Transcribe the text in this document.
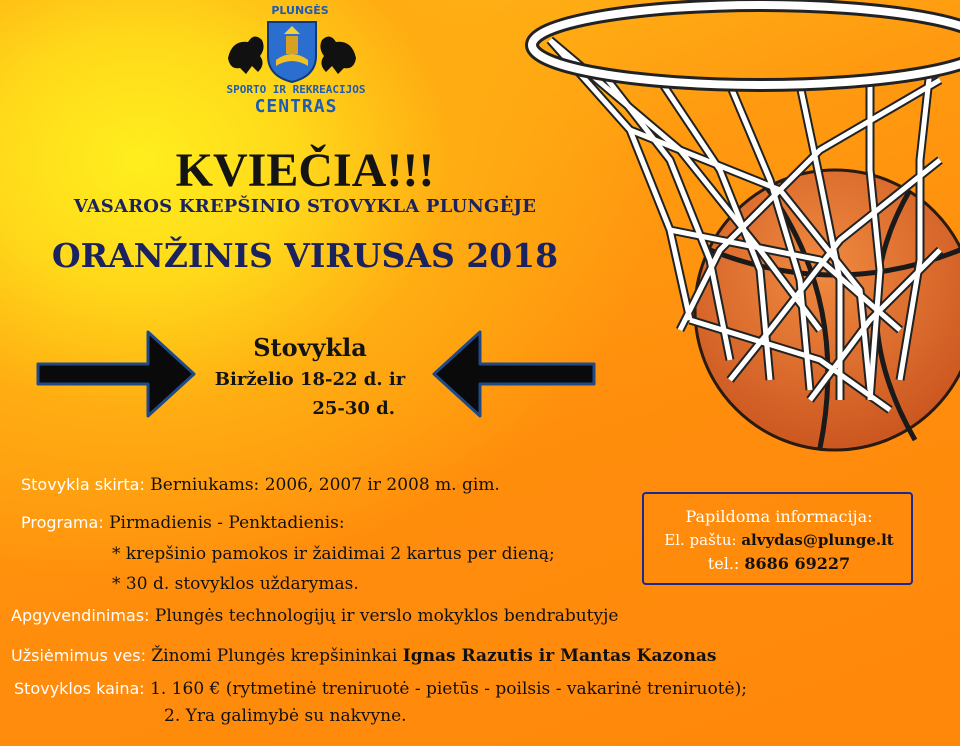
PLUNGĖS
SPORTO IR REKREACIJOS
CENTRAS
KVIEČIA!!!
VASAROS KREPŠINIO STOVYKLA PLUNGĖJE
ORANŽINIS VIRUSAS 2018
Stovykla
Birželio 18-22 d. ir
25-30 d.
Papildoma informacija:
El. paštu: alvydas@plunge.lt
tel.: 8686 69227
Stovykla skirta: Berniukams: 2006, 2007 ir 2008 m. gim.
Programa: Pirmadienis - Penktadienis:
* krepšinio pamokos ir žaidimai 2 kartus per dieną;
* 30 d. stovyklos uždarymas.
Apgyvendinimas: Plungės technologijų ir verslo mokyklos bendrabutyje
Užsiėmimus ves: Žinomi Plungės krepšininkai Ignas Razutis ir Mantas Kazonas
Stovyklos kaina: 1. 160 € (rytmetinė treniruotė - pietūs - poilsis - vakarinė treniruotė);
2. Yra galimybė su nakvyne.
